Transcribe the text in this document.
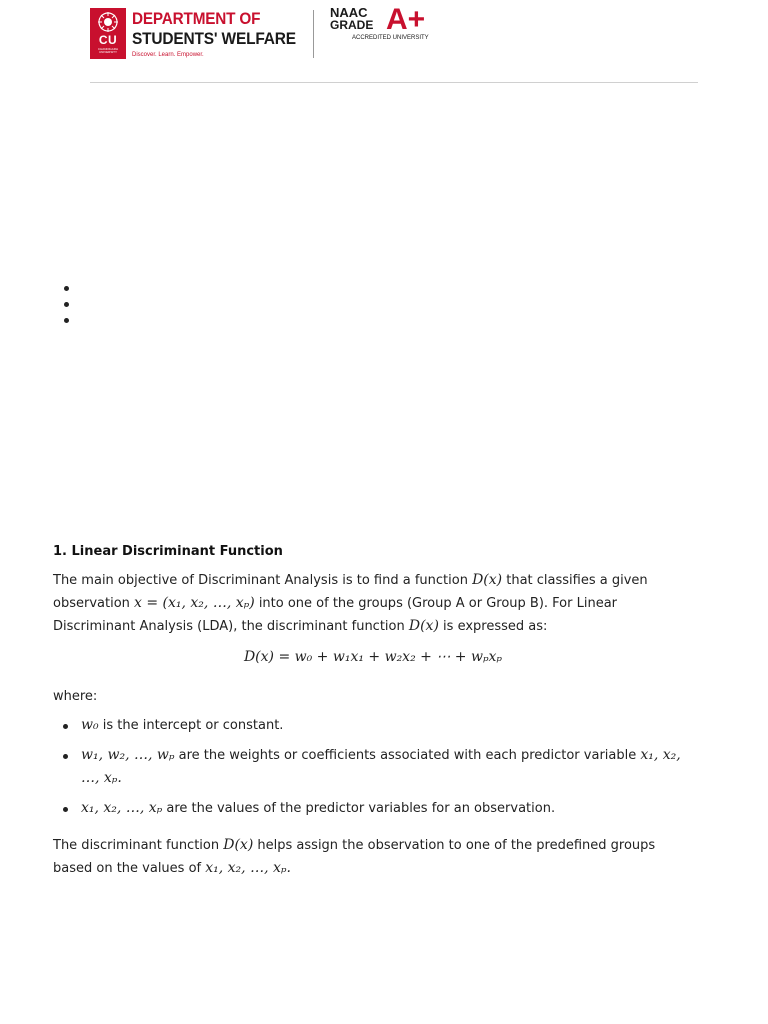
CU
CHANDIGARH UNIVERSITY
DEPARTMENT OF
STUDENTS' WELFARE
Discover. Learn. Empower.
NAAC
GRADE A+
ACCREDITED UNIVERSITY
1. Linear Discriminant Function

The main objective of Discriminant Analysis is to find a function D(x) that classifies a given observation x = (x₁, x₂, …, xₚ) into one of the groups (Group A or Group B). For Linear Discriminant Analysis (LDA), the discriminant function D(x) is expressed as:

D(x) = w₀ + w₁x₁ + w₂x₂ + ⋯ + wₚxₚ

where:

w₀ is the intercept or constant.
w₁, w₂, …, wₚ are the weights or coefficients associated with each predictor variable x₁, x₂, …, xₚ.
x₁, x₂, …, xₚ are the values of the predictor variables for an observation.

The discriminant function D(x) helps assign the observation to one of the predefined groups based on the values of x₁, x₂, …, xₚ.
